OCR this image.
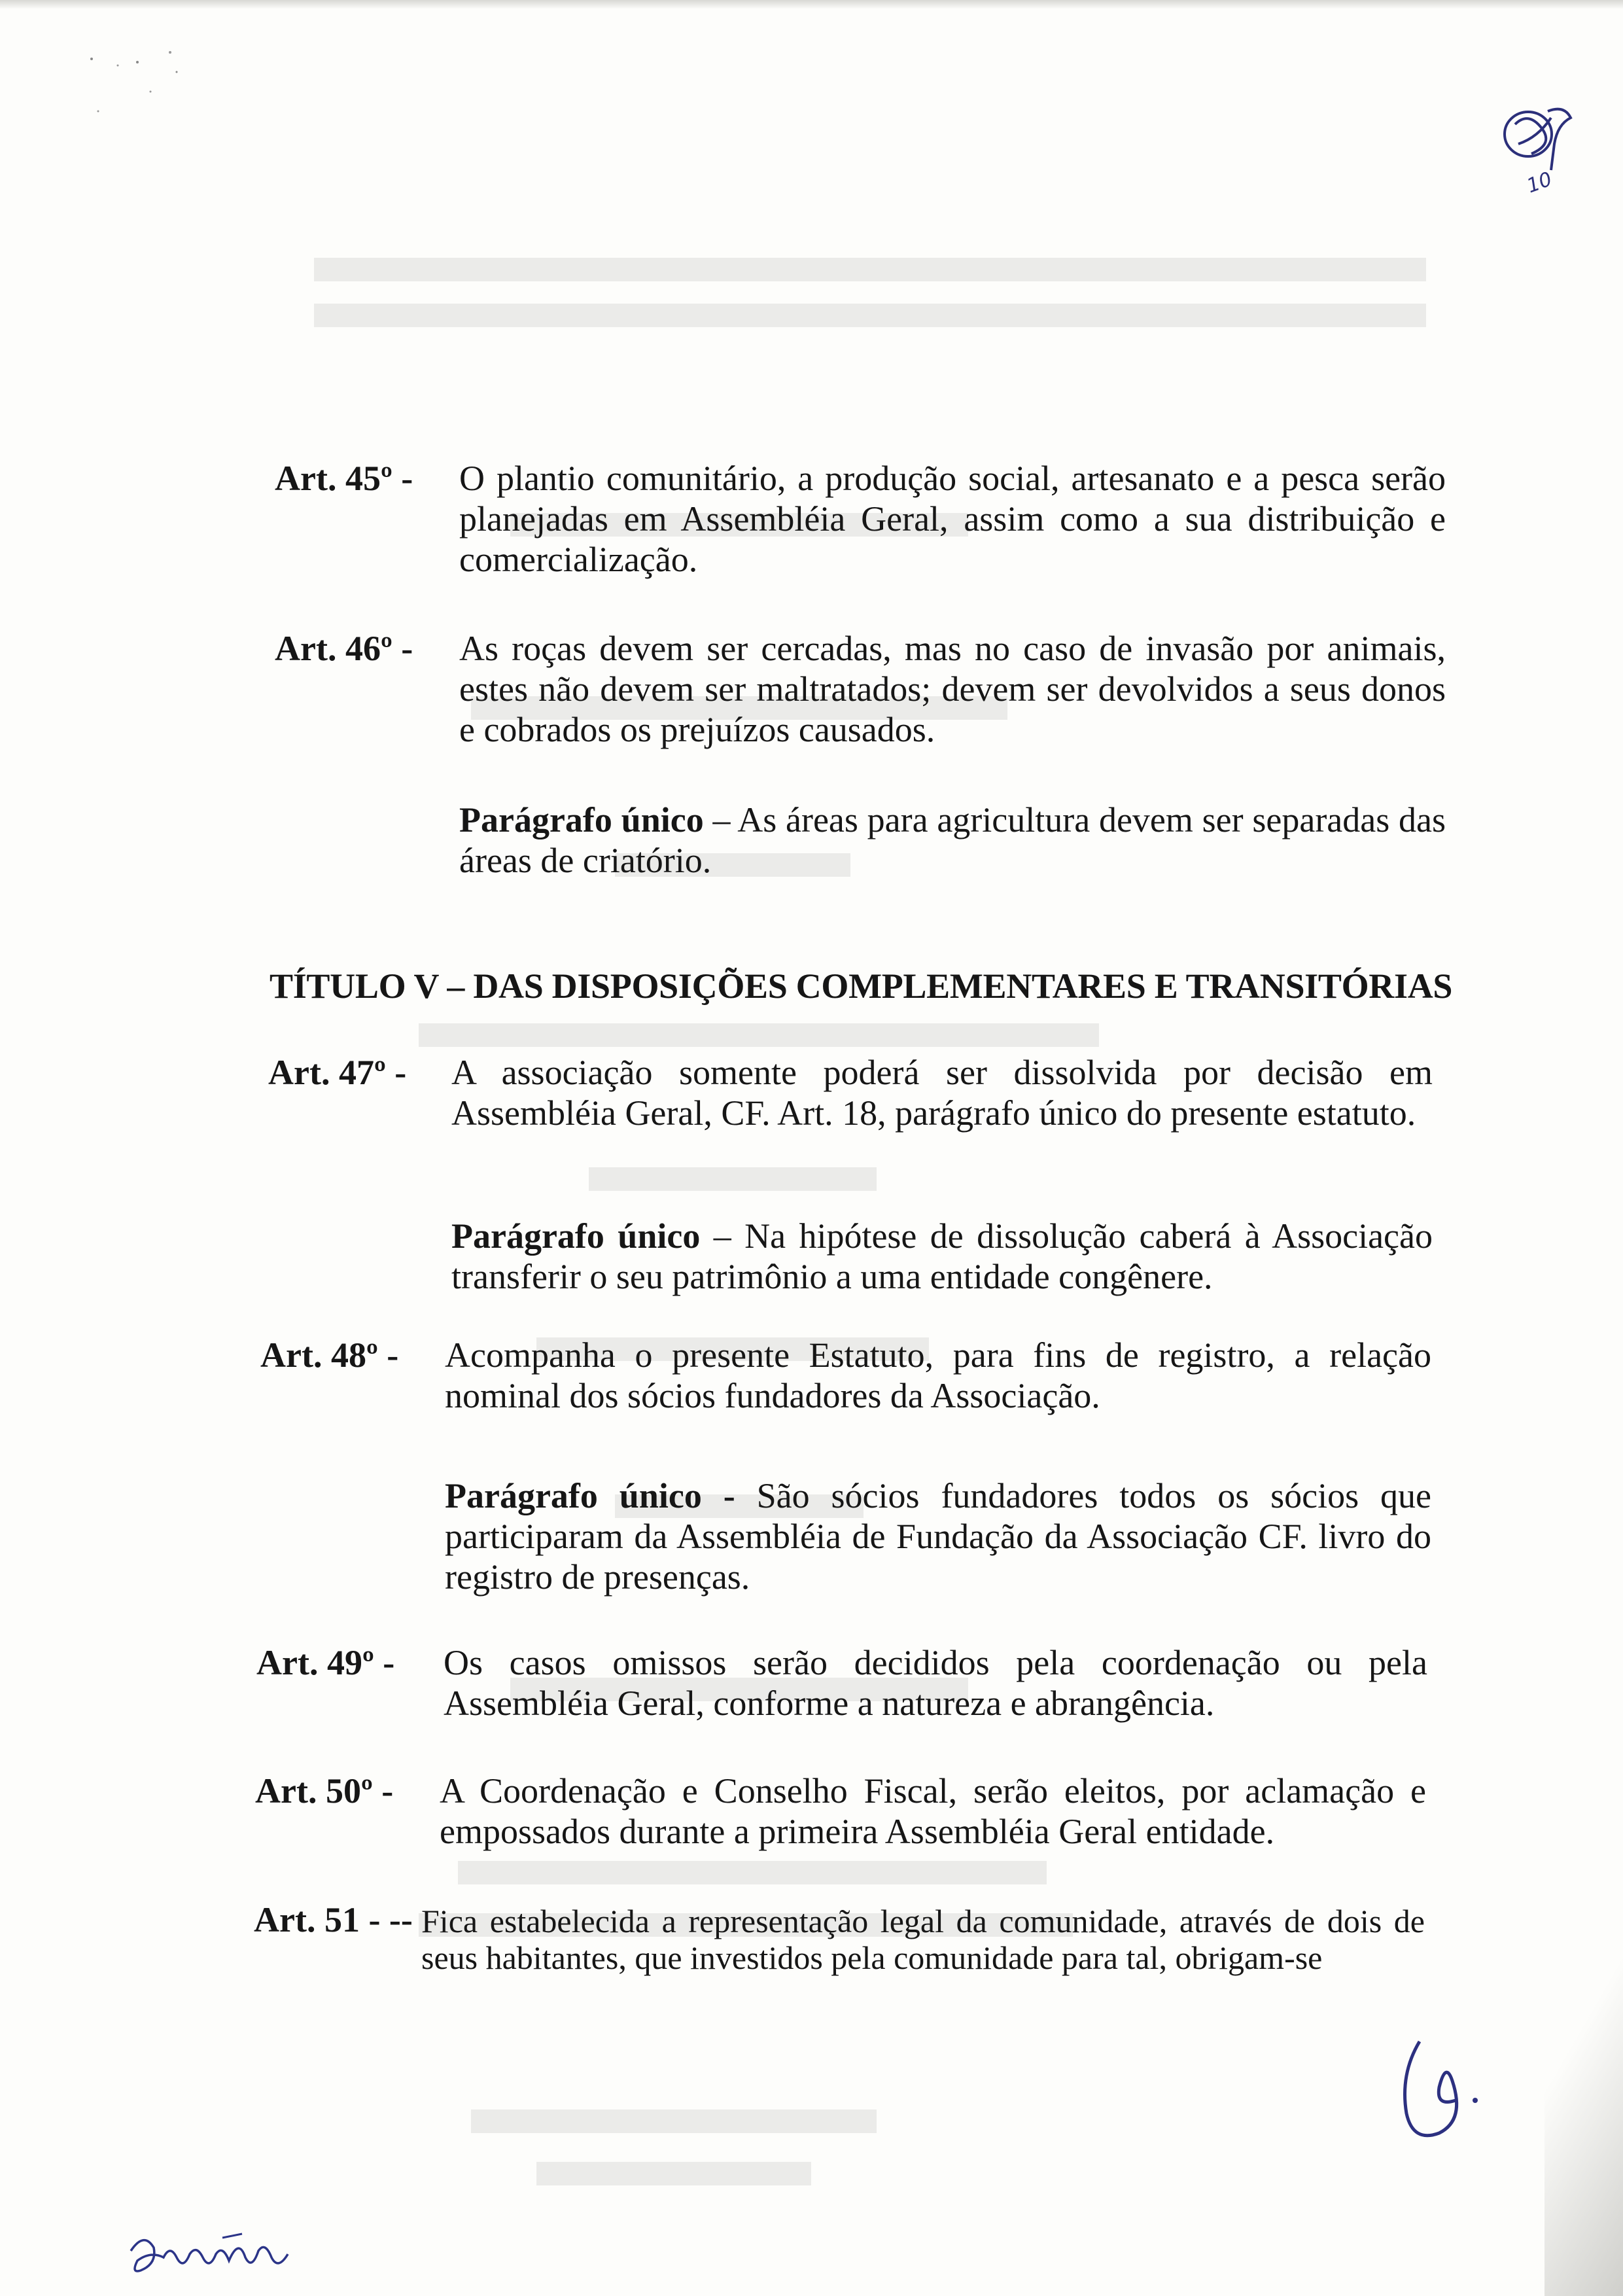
Art. 45º - O plantio comunitário, a produção social, artesanato e a pesca serão planejadas em Assembléia Geral, assim como a sua distribuição e comercialização.
Art. 46º - As roças devem ser cercadas, mas no caso de invasão por animais, estes não devem ser maltratados; devem ser devolvidos a seus donos e cobrados os prejuízos causados.
Parágrafo único – As áreas para agricultura devem ser separadas das áreas de criatório.
TÍTULO V – DAS DISPOSIÇÕES COMPLEMENTARES E TRANSITÓRIAS
Art. 47º - A associação somente poderá ser dissolvida por decisão em Assembléia Geral, CF. Art. 18, parágrafo único do presente estatuto.
Parágrafo único – Na hipótese de dissolução caberá à Associação transferir o seu patrimônio a uma entidade congênere.
Art. 48º - Acompanha o presente Estatuto, para fins de registro, a relação nominal dos sócios fundadores da Associação.
Parágrafo único - São sócios fundadores todos os sócios que participaram da Assembléia de Fundação da Associação CF. livro do registro de presenças.
Art. 49º - Os casos omissos serão decididos pela coordenação ou pela Assembléia Geral, conforme a natureza e abrangência.
Art. 50º - A Coordenação e Conselho Fiscal, serão eleitos, por aclamação e empossados durante a primeira Assembléia Geral entidade.
Art. 51 - -- Fica estabelecida a representação legal da comunidade, através de dois de seus habitantes, que investidos pela comunidade para tal, obrigam-se
10
